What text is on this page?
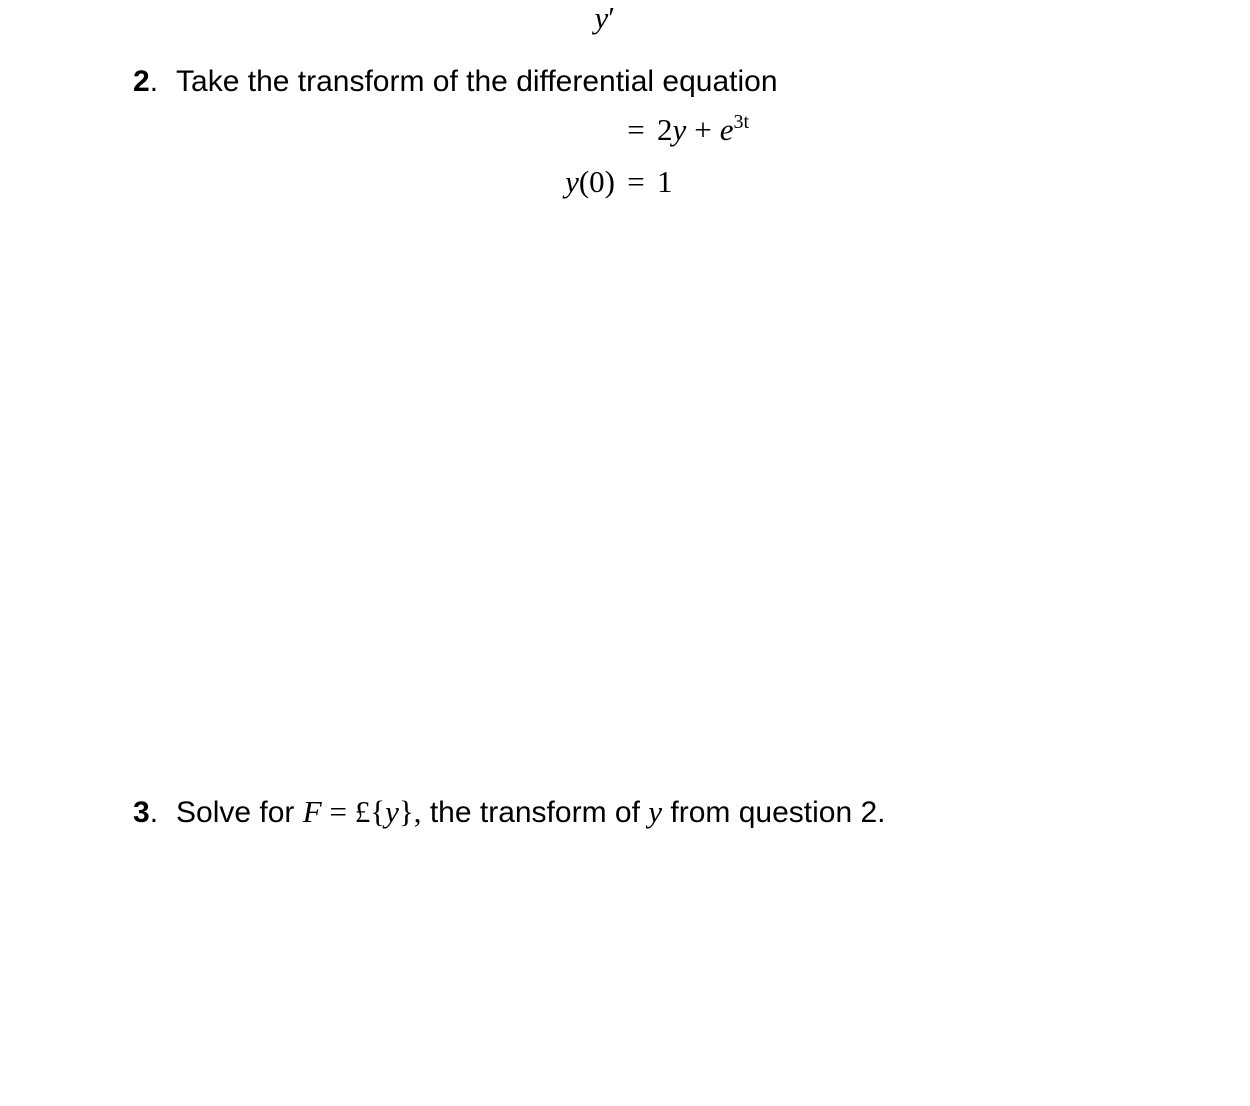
2. Take the transform of the differential equation
y′
= $2y + e^{3t}$
y(0) = 1
3. Solve for F = £{y}, the transform of y from question 2.
